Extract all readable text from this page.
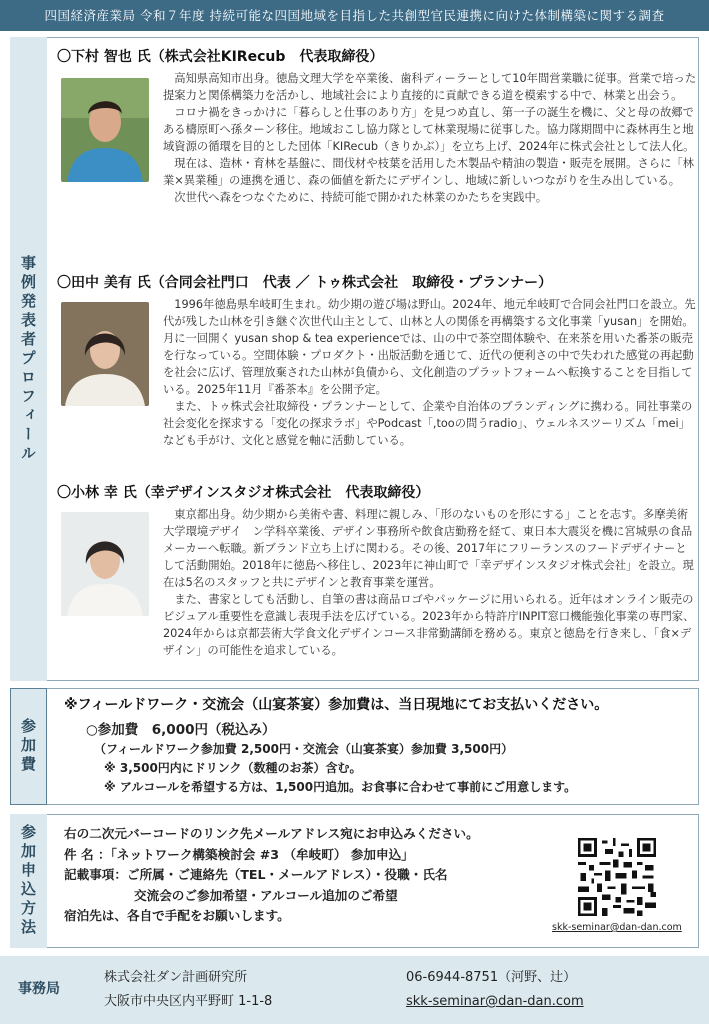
四国経済産業局 令和７年度 持続可能な四国地域を目指した共創型官民連携に向けた体制構築に関する調査
事例発表者プロフィール
参加費
参加申込方法
〇下村 智也 氏（株式会社KIRecub　代表取締役）

高知県高知市出身。徳島文理大学を卒業後、歯科ディーラーとして10年間営業職に従事。営業で培った提案力と関係構築力を活かし、地域社会により直接的に貢献できる道を模索する中で、林業と出会う。

コロナ禍をきっかけに「暮らしと仕事のあり方」を見つめ直し、第一子の誕生を機に、父と母の故郷である檮原町へ孫ターン移住。地域おこし協力隊として林業現場に従事した。協力隊期間中に森林再生と地域資源の循環を目的とした団体「KIRecub（きりかぶ）」を立ち上げ、2024年に株式会社として法人化。

現在は、造林・育林を基盤に、間伐材や枝葉を活用した木製品や精油の製造・販売を展開。さらに「林業×異業種」の連携を通じ、森の価値を新たにデザインし、地域に新しいつながりを生み出している。

次世代へ森をつなぐために、持続可能で開かれた林業のかたちを実践中。

〇田中 美有 氏（合同会社門口　代表 ／ トゥ株式会社　取締役・プランナー）

1996年徳島県牟岐町生まれ。幼少期の遊び場は野山。2024年、地元牟岐町で合同会社門口を設立。先代が残した山林を引き継ぐ次世代山主として、山林と人の関係を再構築する文化事業「yusan」を開始。月に一回開く yusan shop & tea experienceでは、山の中で茶空間体験や、在来茶を用いた番茶の販売を行なっている。空間体験・プロダクト・出版活動を通じて、近代の便利さの中で失われた感覚の再起動を社会に広げ、管理放棄された山林が負債から、文化創造のプラットフォームへ転換することを目指している。2025年11月『番茶本』を公開予定。

また、トゥ株式会社取締役・プランナーとして、企業や自治体のブランディングに携わる。同社事業の社会変化を探求する「変化の探求ラボ」やPodcast「,tooの問うradio」、ウェルネスツーリズム「mei」なども手がけ、文化と感覚を軸に活動している。

〇小林 幸 氏（幸デザインスタジオ株式会社　代表取締役）

東京都出身。幼少期から美術や書、料理に親しみ、「形のないものを形にする」ことを志す。多摩美術大学環境デザイ　ン学科卒業後、デザイン事務所や飲食店勤務を経て、東日本大震災を機に宮城県の食品メーカーへ転職。新ブランド立ち上げに関わる。その後、2017年にフリーランスのフードデザイナーとして活動開始。2018年に徳島へ移住し、2023年に神山町で「幸デザインスタジオ株式会社」を設立。現在は5名のスタッフと共にデザインと教育事業を運営。

また、書家としても活動し、自筆の書は商品ロゴやパッケージに用いられる。近年はオンライン販売のビジュアル重要性を意識し表現手法を広げている。2023年から特許庁INPIT窓口機能強化事業の専門家、2024年からは京都芸術大学食文化デザインコース非常勤講師を務める。東京と徳島を行き来し、「食×デザイン」の可能性を追求している。

※フィールドワーク・交流会（山宴茶宴）参加費は、当日現地にてお支払いください。
○参加費　6,000円（税込み）
（フィールドワーク参加費 2,500円・交流会（山宴茶宴）参加費 3,500円）
※ 3,500円内にドリンク（数種のお茶）含む。
※ アルコールを希望する方は、1,500円追加。お食事に合わせて事前にご用意します。
右の二次元バーコードのリンク先メールアドレス宛にお申込みください。
件 名 ：「ネットワーク構築検討会 #3 （牟岐町） 参加申込」
記載事項：ご所属・ご連絡先（TEL・メールアドレス）・役職・氏名
交流会のご参加希望・アルコール追加のご希望
宿泊先は、各自で手配をお願いします。
skk-seminar@dan-dan.com
事務局
株式会社ダン計画研究所
大阪市中央区内平野町 1-1-8
06-6944-8751（河野、辻）
skk-seminar@dan-dan.com
